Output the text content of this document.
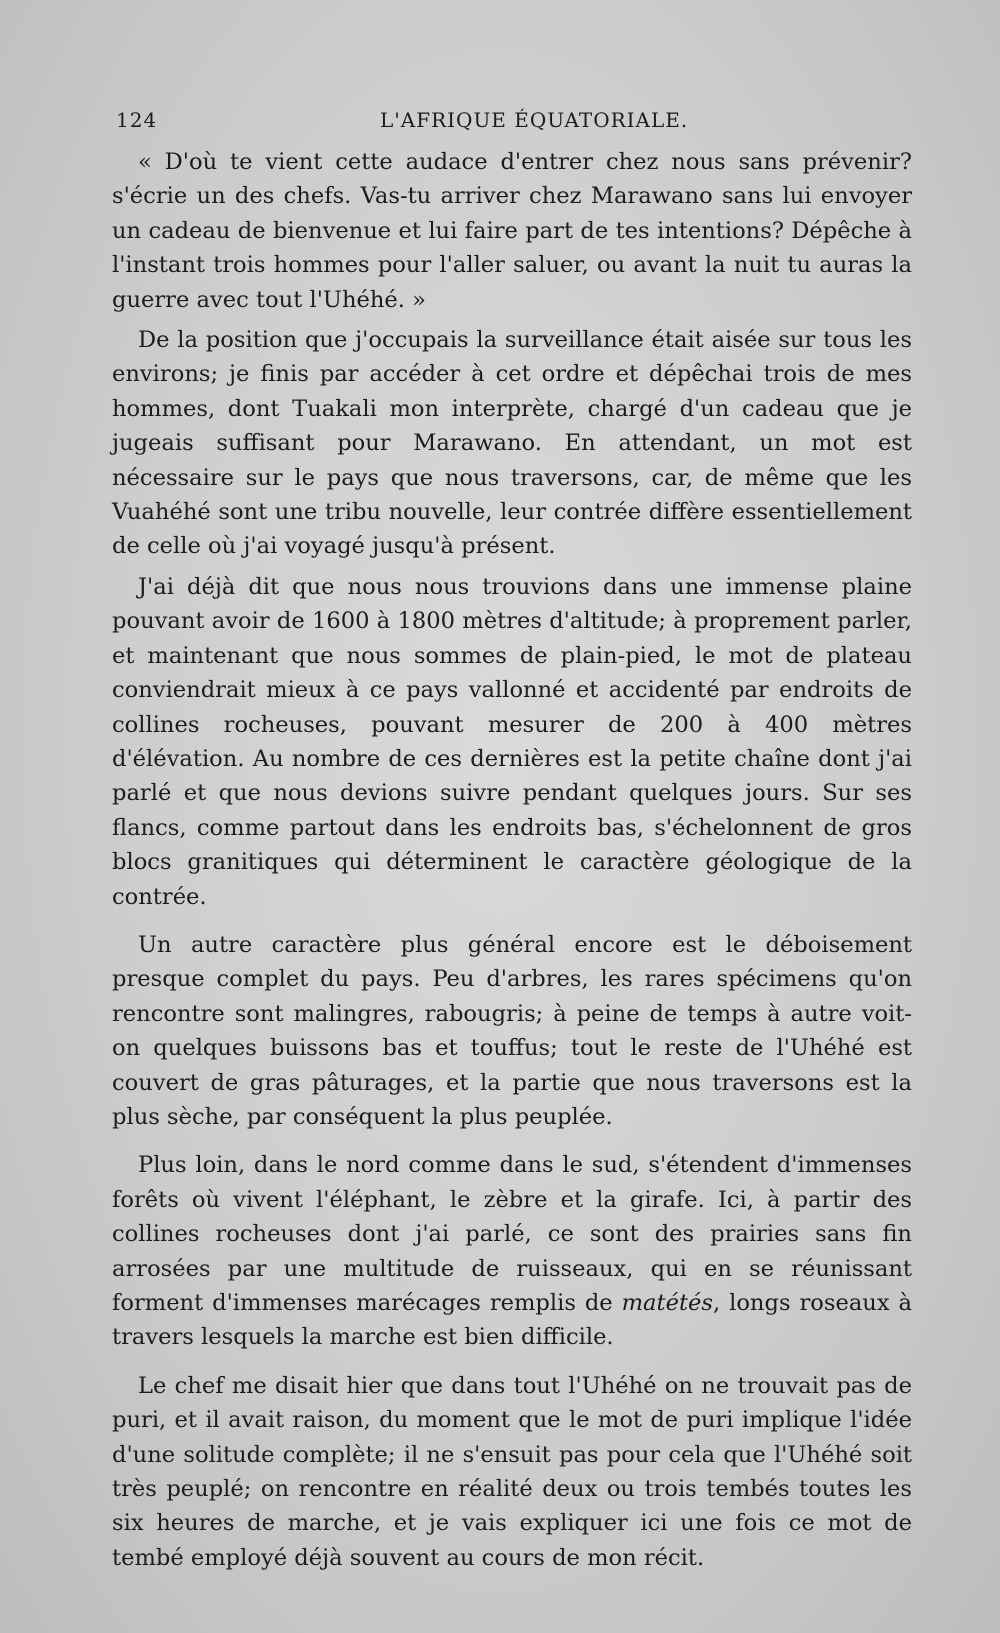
124	L'AFRIQUE ÉQUATORIALE.

« D'où te vient cette audace d'entrer chez nous sans prévenir? s'écrie un des chefs. Vas-tu arriver chez Marawano sans lui envoyer un cadeau de bienvenue et lui faire part de tes intentions? Dépêche à l'instant trois hommes pour l'aller saluer, ou avant la nuit tu auras la guerre avec tout l'Uhéhé. »

De la position que j'occupais la surveillance était aisée sur tous les environs; je finis par accéder à cet ordre et dépêchai trois de mes hommes, dont Tuakali mon interprète, chargé d'un cadeau que je jugeais suffisant pour Marawano. En attendant, un mot est nécessaire sur le pays que nous traversons, car, de même que les Vuahéhé sont une tribu nouvelle, leur contrée diffère essentiellement de celle où j'ai voyagé jusqu'à présent.

J'ai déjà dit que nous nous trouvions dans une immense plaine pouvant avoir de 1600 à 1800 mètres d'altitude; à proprement parler, et maintenant que nous sommes de plain-pied, le mot de plateau conviendrait mieux à ce pays vallonné et accidenté par endroits de collines rocheuses, pouvant mesurer de 200 à 400 mètres d'élévation. Au nombre de ces dernières est la petite chaîne dont j'ai parlé et que nous devions suivre pendant quelques jours. Sur ses flancs, comme partout dans les endroits bas, s'échelonnent de gros blocs granitiques qui déterminent le caractère géologique de la contrée.

Un autre caractère plus général encore est le déboisement presque complet du pays. Peu d'arbres, les rares spécimens qu'on rencontre sont malingres, rabougris; à peine de temps à autre voit-on quelques buissons bas et touffus; tout le reste de l'Uhéhé est couvert de gras pâturages, et la partie que nous traversons est la plus sèche, par conséquent la plus peuplée.

Plus loin, dans le nord comme dans le sud, s'étendent d'immenses forêts où vivent l'éléphant, le zèbre et la girafe. Ici, à partir des collines rocheuses dont j'ai parlé, ce sont des prairies sans fin arrosées par une multitude de ruisseaux, qui en se réunissant forment d'immenses marécages remplis de matétés, longs roseaux à travers lesquels la marche est bien difficile.

Le chef me disait hier que dans tout l'Uhéhé on ne trouvait pas de puri, et il avait raison, du moment que le mot de puri implique l'idée d'une solitude complète; il ne s'ensuit pas pour cela que l'Uhéhé soit très peuplé; on rencontre en réalité deux ou trois tembés toutes les six heures de marche, et je vais expliquer ici une fois ce mot de tembé employé déjà souvent au cours de mon récit.
